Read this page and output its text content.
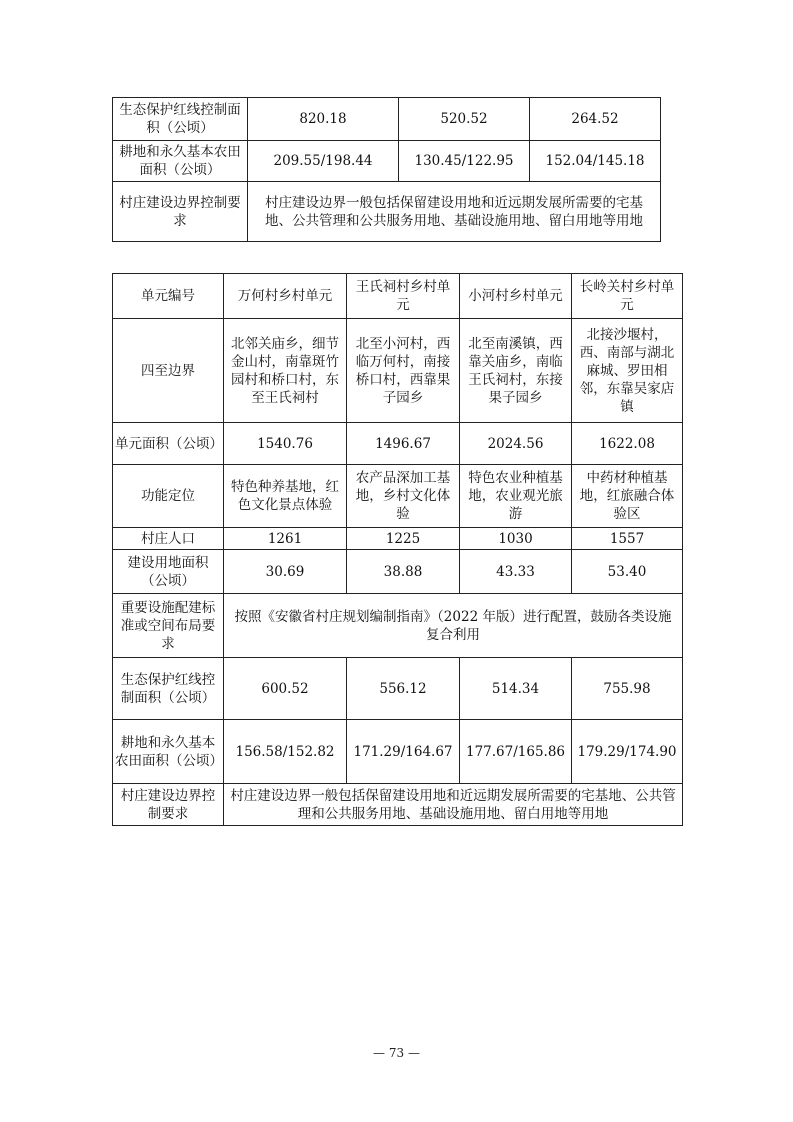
生态保护红线控制面积（公顷）	820.18	520.52	264.52
耕地和永久基本农田面积（公顷）	209.55/198.44	130.45/122.95	152.04/145.18
村庄建设边界控制要求	村庄建设边界一般包括保留建设用地和近远期发展所需要的宅基地、公共管理和公共服务用地、基础设施用地、留白用地等用地		
单元编号	万何村乡村单元	王氏祠村乡村单元	小河村乡村单元	长岭关村乡村单元
四至边界	北邻关庙乡，细节金山村，南靠斑竹园村和桥口村，东至王氏祠村	北至小河村，西临万何村，南接桥口村，西靠果子园乡	北至南溪镇，西靠关庙乡，南临王氏祠村，东接果子园乡	北接沙堰村，西、南部与湖北麻城、罗田相邻，东靠吴家店镇
单元面积（公顷）	1540.76	1496.67	2024.56	1622.08
功能定位	特色种养基地，红色文化景点体验	农产品深加工基地，乡村文化体验	特色农业种植基地，农业观光旅游	中药材种植基地，红旅融合体验区
村庄人口	1261	1225	1030	1557
建设用地面积（公顷）	30.69	38.88	43.33	53.40
重要设施配建标准或空间布局要求	按照《安徽省村庄规划编制指南》（2022 年版）进行配置，鼓励各类设施复合利用			
生态保护红线控制面积（公顷）	600.52	556.12	514.34	755.98
耕地和永久基本农田面积（公顷）	156.58/152.82	171.29/164.67	177.67/165.86	179.29/174.90
村庄建设边界控制要求	村庄建设边界一般包括保留建设用地和近远期发展所需要的宅基地、公共管理和公共服务用地、基础设施用地、留白用地等用地			
— 73 —
